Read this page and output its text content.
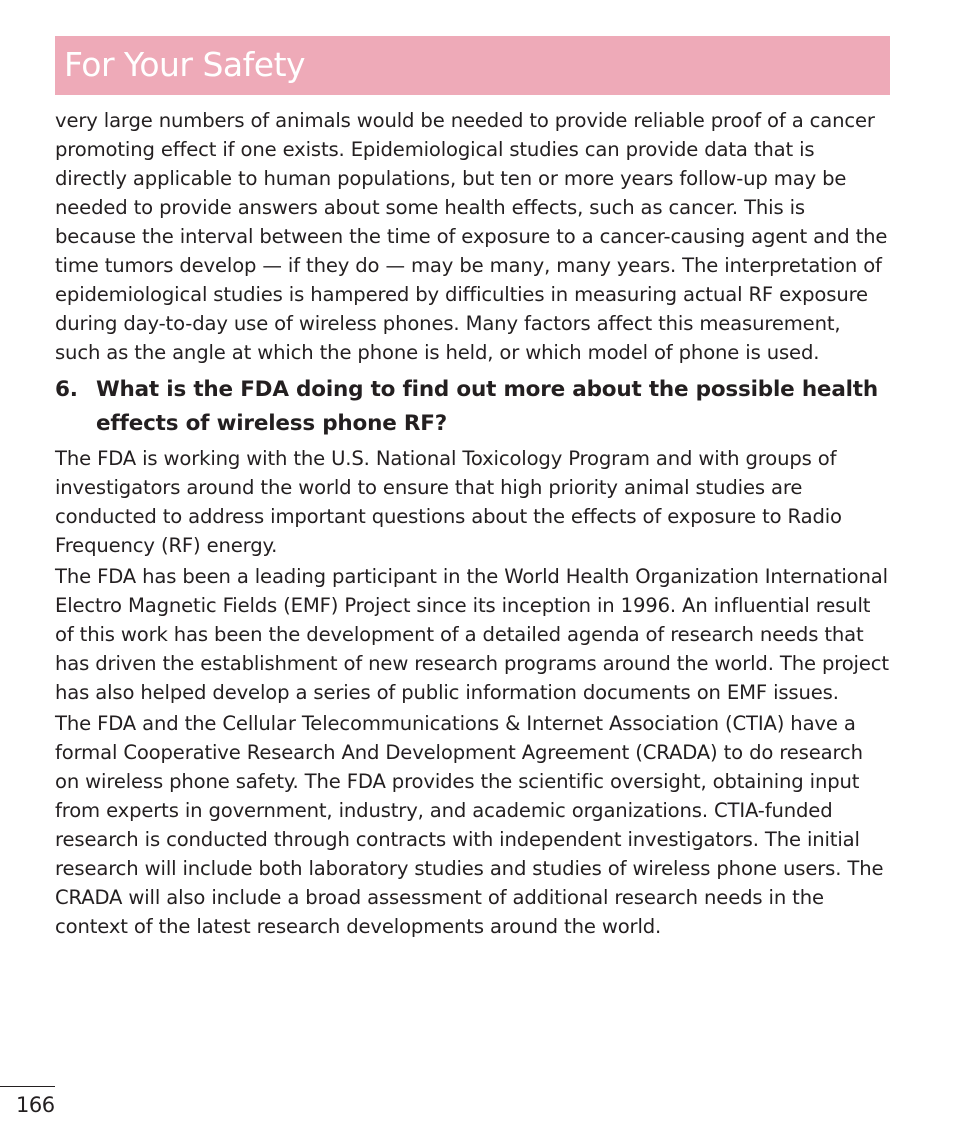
For Your Safety

very large numbers of animals would be needed to provide reliable proof of a cancer promoting effect if one exists. Epidemiological studies can provide data that is directly applicable to human populations, but ten or more years follow-up may be needed to provide answers about some health effects, such as cancer. This is because the interval between the time of exposure to a cancer-causing agent and the time tumors develop — if they do — may be many, many years. The interpretation of epidemiological studies is hampered by difficulties in measuring actual RF exposure during day-to-day use of wireless phones. Many factors affect this measurement, such as the angle at which the phone is held, or which model of phone is used.

6. What is the FDA doing to find out more about the possible health effects of wireless phone RF?

The FDA is working with the U.S. National Toxicology Program and with groups of investigators around the world to ensure that high priority animal studies are conducted to address important questions about the effects of exposure to Radio Frequency (RF) energy.

The FDA has been a leading participant in the World Health Organization International Electro Magnetic Fields (EMF) Project since its inception in 1996. An influential result of this work has been the development of a detailed agenda of research needs that has driven the establishment of new research programs around the world. The project has also helped develop a series of public information documents on EMF issues.

The FDA and the Cellular Telecommunications & Internet Association (CTIA) have a formal Cooperative Research And Development Agreement (CRADA) to do research on wireless phone safety. The FDA provides the scientific oversight, obtaining input from experts in government, industry, and academic organizations. CTIA-funded research is conducted through contracts with independent investigators. The initial research will include both laboratory studies and studies of wireless phone users. The CRADA will also include a broad assessment of additional research needs in the context of the latest research developments around the world.

166
